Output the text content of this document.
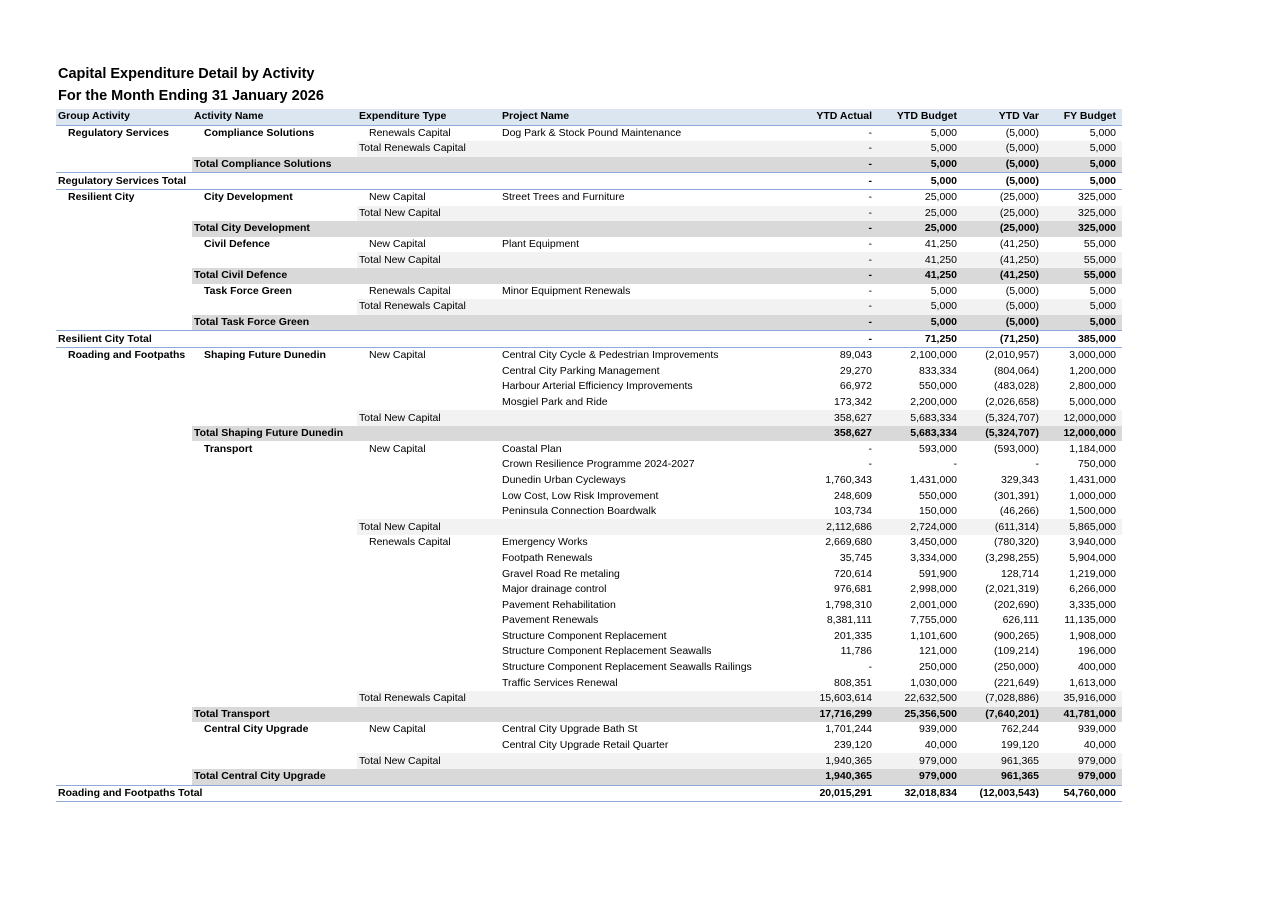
Capital Expenditure Detail by Activity
For the Month Ending 31 January 2026
Group Activity	Activity Name	Expenditure Type	Project Name	YTD Actual	YTD Budget	YTD Var	FY Budget
Regulatory Services	Compliance Solutions	Renewals Capital	Dog Park & Stock Pound Maintenance	-	5,000	(5,000)	5,000
		Total Renewals Capital		-	5,000	(5,000)	5,000
	Total Compliance Solutions			-	5,000	(5,000)	5,000
Regulatory Services Total				-	5,000	(5,000)	5,000
Resilient City	City Development	New Capital	Street Trees and Furniture	-	25,000	(25,000)	325,000
		Total New Capital		-	25,000	(25,000)	325,000
	Total City Development			-	25,000	(25,000)	325,000
	Civil Defence	New Capital	Plant Equipment	-	41,250	(41,250)	55,000
		Total New Capital		-	41,250	(41,250)	55,000
	Total Civil Defence			-	41,250	(41,250)	55,000
	Task Force Green	Renewals Capital	Minor Equipment Renewals	-	5,000	(5,000)	5,000
		Total Renewals Capital		-	5,000	(5,000)	5,000
	Total Task Force Green			-	5,000	(5,000)	5,000
Resilient City Total				-	71,250	(71,250)	385,000
Roading and Footpaths	Shaping Future Dunedin	New Capital	Central City Cycle & Pedestrian Improvements	89,043	2,100,000	(2,010,957)	3,000,000
			Central City Parking Management	29,270	833,334	(804,064)	1,200,000
			Harbour Arterial Efficiency Improvements	66,972	550,000	(483,028)	2,800,000
			Mosgiel Park and Ride	173,342	2,200,000	(2,026,658)	5,000,000
		Total New Capital		358,627	5,683,334	(5,324,707)	12,000,000
	Total Shaping Future Dunedin			358,627	5,683,334	(5,324,707)	12,000,000
	Transport	New Capital	Coastal Plan	-	593,000	(593,000)	1,184,000
			Crown Resilience Programme 2024-2027	-	-	-	750,000
			Dunedin Urban Cycleways	1,760,343	1,431,000	329,343	1,431,000
			Low Cost, Low Risk Improvement	248,609	550,000	(301,391)	1,000,000
			Peninsula Connection Boardwalk	103,734	150,000	(46,266)	1,500,000
		Total New Capital		2,112,686	2,724,000	(611,314)	5,865,000
		Renewals Capital	Emergency Works	2,669,680	3,450,000	(780,320)	3,940,000
			Footpath Renewals	35,745	3,334,000	(3,298,255)	5,904,000
			Gravel Road Re metaling	720,614	591,900	128,714	1,219,000
			Major drainage control	976,681	2,998,000	(2,021,319)	6,266,000
			Pavement Rehabilitation	1,798,310	2,001,000	(202,690)	3,335,000
			Pavement Renewals	8,381,111	7,755,000	626,111	11,135,000
			Structure Component Replacement	201,335	1,101,600	(900,265)	1,908,000
			Structure Component Replacement Seawalls	11,786	121,000	(109,214)	196,000
			Structure Component Replacement Seawalls Railings	-	250,000	(250,000)	400,000
			Traffic Services Renewal	808,351	1,030,000	(221,649)	1,613,000
		Total Renewals Capital		15,603,614	22,632,500	(7,028,886)	35,916,000
	Total Transport			17,716,299	25,356,500	(7,640,201)	41,781,000
	Central City Upgrade	New Capital	Central City Upgrade Bath St	1,701,244	939,000	762,244	939,000
			Central City Upgrade Retail Quarter	239,120	40,000	199,120	40,000
		Total New Capital		1,940,365	979,000	961,365	979,000
	Total Central City Upgrade			1,940,365	979,000	961,365	979,000
Roading and Footpaths Total				20,015,291	32,018,834	(12,003,543)	54,760,000
